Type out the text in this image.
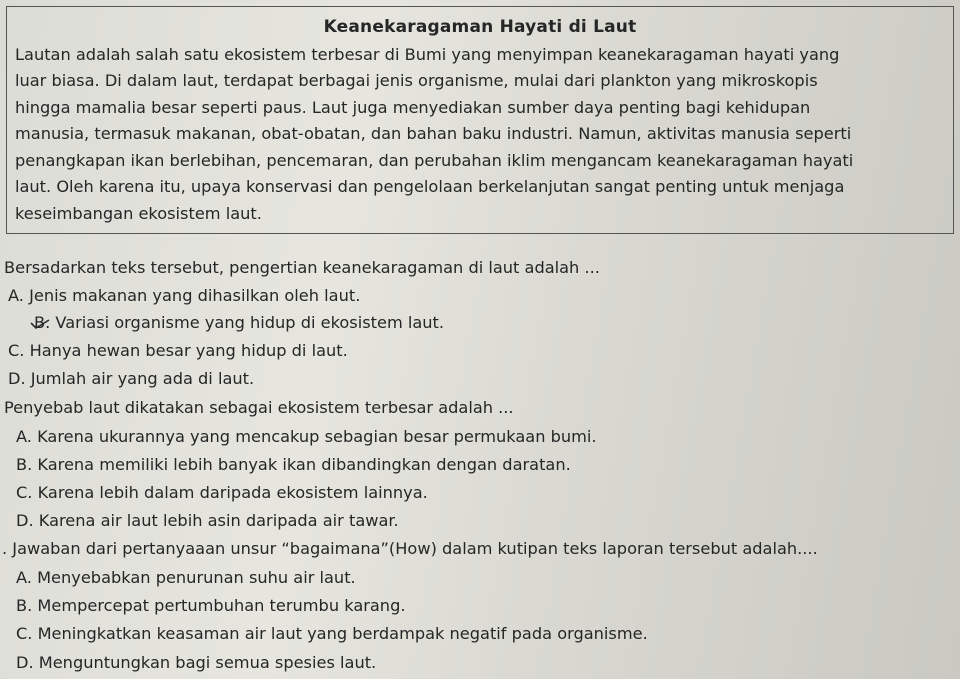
Keanekaragaman Hayati di Laut
Lautan adalah salah satu ekosistem terbesar di Bumi yang menyimpan keanekaragaman hayati yang
luar biasa. Di dalam laut, terdapat berbagai jenis organisme, mulai dari plankton yang mikroskopis
hingga mamalia besar seperti paus. Laut juga menyediakan sumber daya penting bagi kehidupan
manusia, termasuk makanan, obat-obatan, dan bahan baku industri. Namun, aktivitas manusia seperti
penangkapan ikan berlebihan, pencemaran, dan perubahan iklim mengancam keanekaragaman hayati
laut. Oleh karena itu, upaya konservasi dan pengelolaan berkelanjutan sangat penting untuk menjaga
keseimbangan ekosistem laut.
Bersadarkan teks tersebut, pengertian keanekaragaman di laut adalah ...
A. Jenis makanan yang dihasilkan oleh laut.
B. Variasi organisme yang hidup di ekosistem laut.
C. Hanya hewan besar yang hidup di laut.
D. Jumlah air yang ada di laut.
Penyebab laut dikatakan sebagai ekosistem terbesar adalah ...
A. Karena ukurannya yang mencakup sebagian besar permukaan bumi.
B. Karena memiliki lebih banyak ikan dibandingkan dengan daratan.
C. Karena lebih dalam daripada ekosistem lainnya.
D. Karena air laut lebih asin daripada air tawar.
. Jawaban dari pertanyaaan unsur “bagaimana”(How) dalam kutipan teks laporan tersebut adalah....
A. Menyebabkan penurunan suhu air laut.
B. Mempercepat pertumbuhan terumbu karang.
C. Meningkatkan keasaman air laut yang berdampak negatif pada organisme.
D. Menguntungkan bagi semua spesies laut.
